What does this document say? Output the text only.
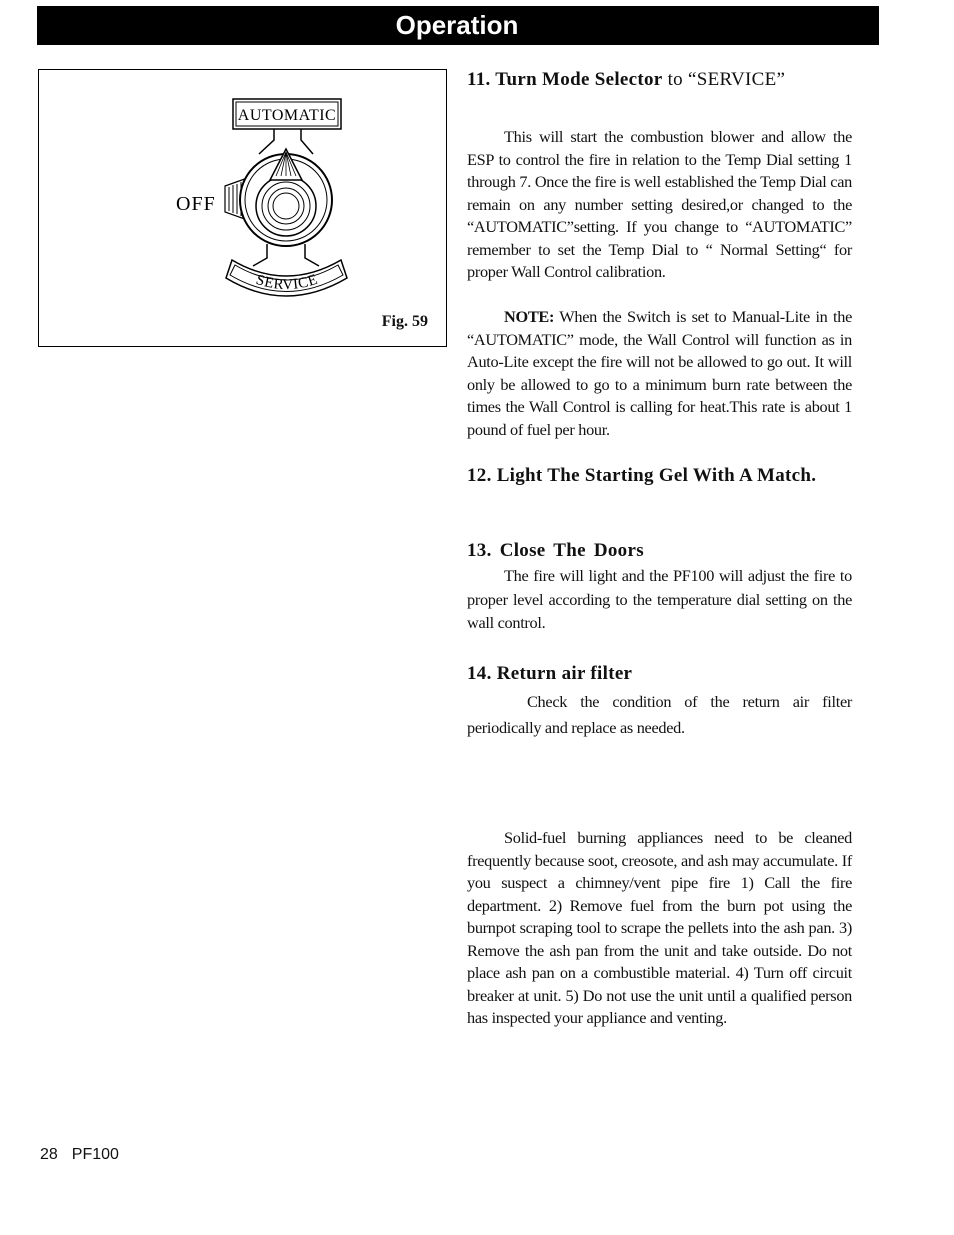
Operation
AUTOMATIC
OFF
SERVICE
Fig. 59

11. Turn Mode Selector to “SERVICE”

This will start the combustion blower and allow the ESP to control the fire in relation to the Temp Dial setting 1 through 7. Once the fire is well established the Temp Dial can remain on any number setting desired,or changed to the “AUTOMATIC”setting. If you change to “AUTOMATIC” remember to set the Temp Dial to “ Normal Setting“ for proper Wall Control calibration.

NOTE: When the Switch is set to Manual-Lite in the “AUTOMATIC” mode, the Wall Control will function as in Auto-Lite except the fire will not be allowed to go out. It will only be allowed to go to a minimum burn rate between the times the Wall Control is calling for heat.This rate is about 1 pound of fuel per hour.

12. Light The Starting Gel With A Match.

13. Close The Doors

The fire will light and the PF100 will adjust the fire to proper level according to the temperature dial setting on the wall control.

14. Return air filter

Check the condition of the return air filter periodically and replace as needed.

Solid-fuel burning appliances need to be cleaned frequently because soot, creosote, and ash may accumulate. If you suspect a chimney/vent pipe fire 1) Call the fire department. 2) Remove fuel from the burn pot using the burnpot scraping tool to scrape the pellets into the ash pan. 3) Remove the ash pan from the unit and take outside. Do not place ash pan on a combustible material. 4) Turn off circuit breaker at unit. 5) Do not use the unit until a qualified person has inspected your appliance and venting.

28 PF100
